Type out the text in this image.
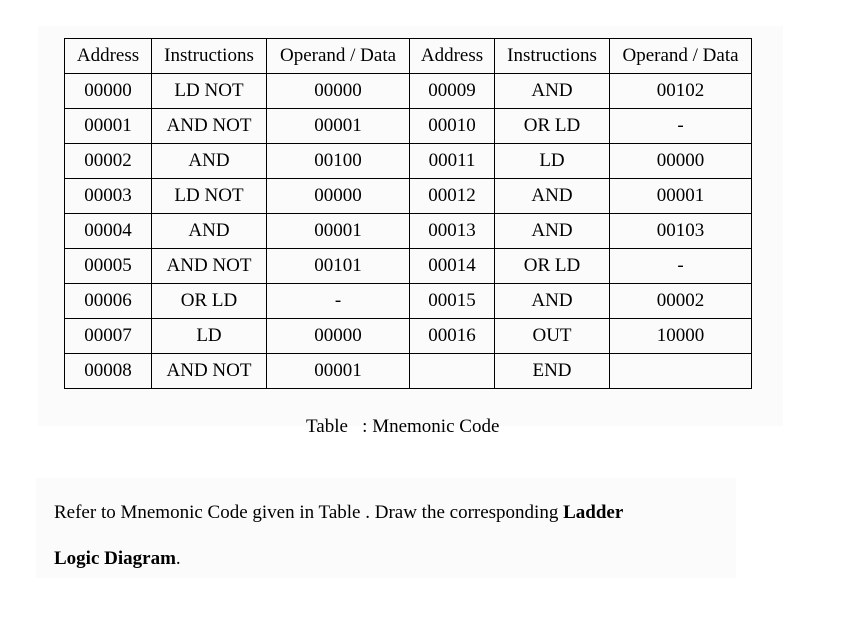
Address	Instructions	Operand / Data	Address	Instructions	Operand / Data
00000	LD NOT	00000	00009	AND	00102
00001	AND NOT	00001	00010	OR LD	-
00002	AND	00100	00011	LD	00000
00003	LD NOT	00000	00012	AND	00001
00004	AND	00001	00013	AND	00103
00005	AND NOT	00101	00014	OR LD	-
00006	OR LD	-	00015	AND	00002
00007	LD	00000	00016	OUT	10000
00008	AND NOT	00001		END	
Table   : Mnemonic Code
Refer to Mnemonic Code given in Table . Draw the corresponding Ladder
Logic Diagram.
